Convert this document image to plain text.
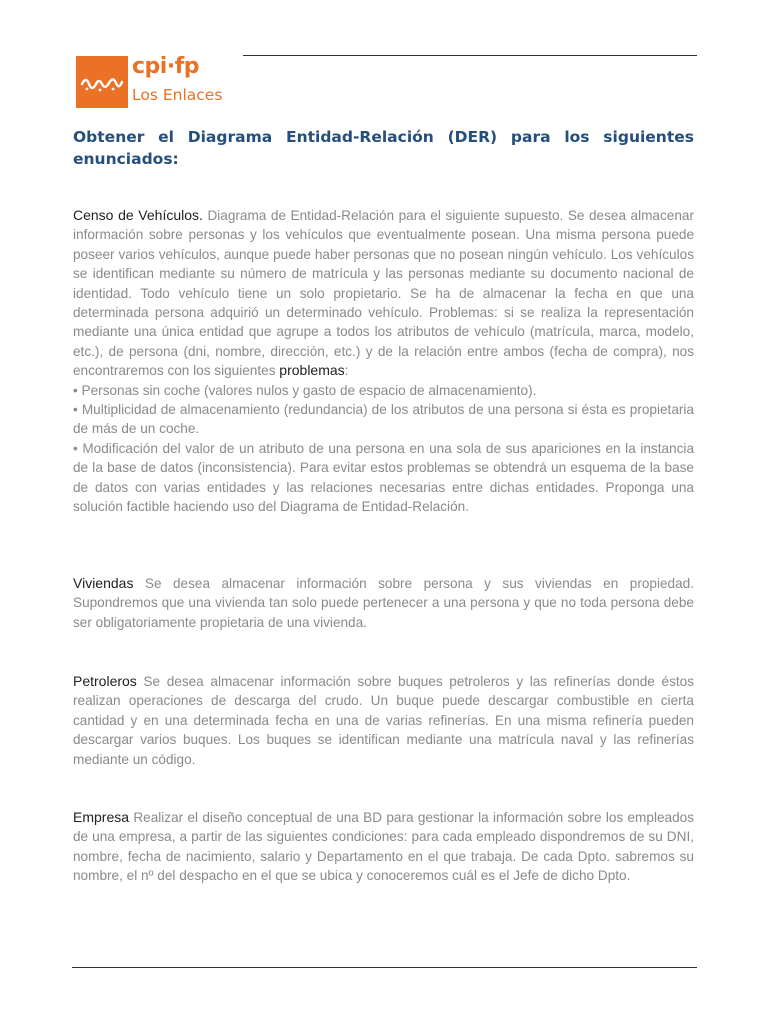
cpi·fp
Los Enlaces
Obtener el Diagrama Entidad-Relación (DER) para los siguientes enunciados:

Censo de Vehículos. Diagrama de Entidad-Relación para el siguiente supuesto. Se desea almacenar información sobre personas y los vehículos que eventualmente posean. Una misma persona puede poseer varios vehículos, aunque puede haber personas que no posean ningún vehículo. Los vehículos se identifican mediante su número de matrícula y las personas mediante su documento nacional de identidad. Todo vehículo tiene un solo propietario. Se ha de almacenar la fecha en que una determinada persona adquirió un determinado vehículo. Problemas: si se realiza la representación mediante una única entidad que agrupe a todos los atributos de vehículo (matrícula, marca, modelo, etc.), de persona (dni, nombre, dirección, etc.) y de la relación entre ambos (fecha de compra), nos encontraremos con los siguientes problemas:

• Personas sin coche (valores nulos y gasto de espacio de almacenamiento).

• Multiplicidad de almacenamiento (redundancia) de los atributos de una persona si ésta es propietaria de más de un coche.

• Modificación del valor de un atributo de una persona en una sola de sus apariciones en la instancia de la base de datos (inconsistencia). Para evitar estos problemas se obtendrá un esquema de la base de datos con varias entidades y las relaciones necesarias entre dichas entidades. Proponga una solución factible haciendo uso del Diagrama de Entidad-Relación.

Viviendas Se desea almacenar información sobre persona y sus viviendas en propiedad. Supondremos que una vivienda tan solo puede pertenecer a una persona y que no toda persona debe ser obligatoriamente propietaria de una vivienda.

Petroleros Se desea almacenar información sobre buques petroleros y las refinerías donde éstos realizan operaciones de descarga del crudo. Un buque puede descargar combustible en cierta cantidad y en una determinada fecha en una de varias refinerías. En una misma refinería pueden descargar varios buques. Los buques se identifican mediante una matrícula naval y las refinerías mediante un código.

Empresa Realizar el diseño conceptual de una BD para gestionar la información sobre los empleados de una empresa, a partir de las siguientes condiciones: para cada empleado dispondremos de su DNI, nombre, fecha de nacimiento, salario y Departamento en el que trabaja. De cada Dpto. sabremos su nombre, el nº del despacho en el que se ubica y conoceremos cuál es el Jefe de dicho Dpto.
